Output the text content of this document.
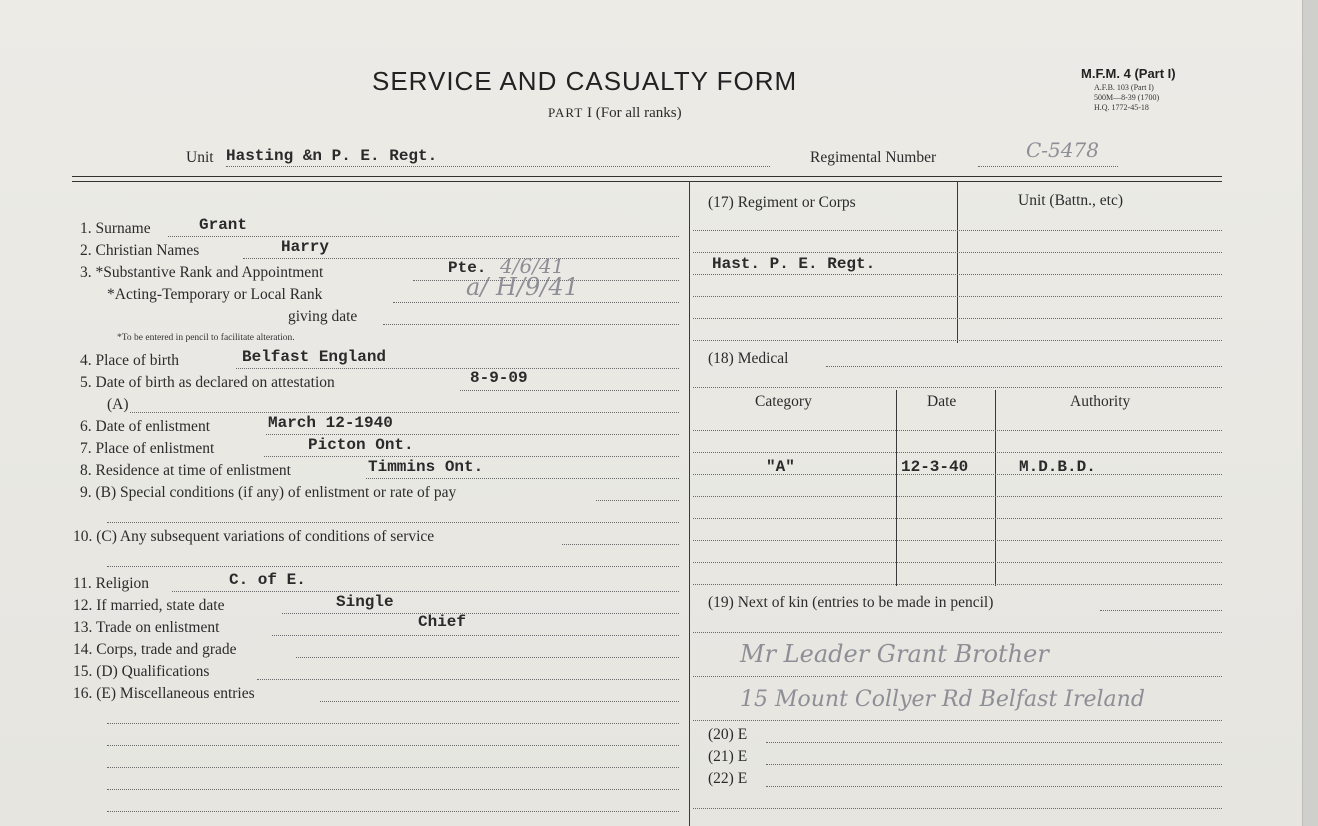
SERVICE AND CASUALTY FORM
PART I (For all ranks)
M.F.M. 4 (Part I)
A.F.B. 103 (Part I)
500M—8-39 (1700)
H.Q. 1772-45-18
Unit Hasting &n P. E. Regt.	Regimental Number	C-5478
1. Surname	Grant
2. Christian Names	Harry
3. *Substantive Rank and Appointment	Pte. 4/6/41
*Acting-Temporary or Local Rank	a/ H/9/41
giving date
*To be entered in pencil to facilitate alteration.
4. Place of birth	Belfast England
5. Date of birth as declared on attestation	8-9-09
(A)
6. Date of enlistment	March 12-1940
7. Place of enlistment	Picton Ont.
8. Residence at time of enlistment	Timmins Ont.
9. (B) Special conditions (if any) of enlistment or rate of pay
10. (C) Any subsequent variations of conditions of service
11. Religion	C. of E.
12. If married, state date	Single
13. Trade on enlistment	Chief
14. Corps, trade and grade
15. (D) Qualifications
16. (E) Miscellaneous entries
(17) Regiment or Corps	Unit (Battn., etc)
Hast. P. E. Regt.
(18) Medical
Category	Date	Authority
"A"	12-3-40	M.D.B.D.
(19) Next of kin (entries to be made in pencil)
Mr Leader Grant Brother
15 Mount Collyer Rd Belfast Ireland
(20) E
(21) E
(22) E
